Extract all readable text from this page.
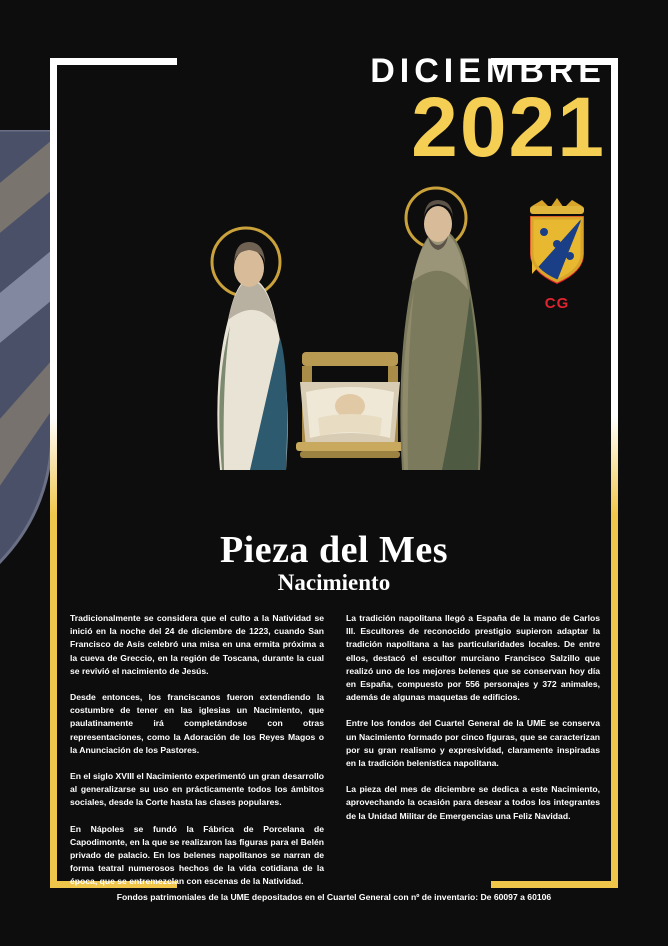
DICIEMBRE
2021
CG
Pieza del Mes
Nacimiento

Tradicionalmente se considera que el culto a la Natividad se inició en la noche del 24 de diciembre de 1223, cuando San Francisco de Asís celebró una misa en una ermita próxima a la cueva de Greccio, en la región de Toscana, durante la cual se revivió el nacimiento de Jesús.

Desde entonces, los franciscanos fueron extendiendo la costumbre de tener en las iglesias un Nacimiento, que paulatinamente irá completándose con otras representaciones, como la Adoración de los Reyes Magos o la Anunciación de los Pastores.

En el siglo XVIII el Nacimiento experimentó un gran desarrollo al generalizarse su uso en prácticamente todos los ámbitos sociales, desde la Corte hasta las clases populares.

En Nápoles se fundó la Fábrica de Porcelana de Capodimonte, en la que se realizaron las figuras para el Belén privado de palacio. En los belenes napolitanos se narran de forma teatral numerosos hechos de la vida cotidiana de la época, que se entremezclan con escenas de la Natividad.

La tradición napolitana llegó a España de la mano de Carlos III. Escultores de reconocido prestigio supieron adaptar la tradición napolitana a las particularidades locales. De entre ellos, destacó el escultor murciano Francisco Salzillo que realizó uno de los mejores belenes que se conservan hoy día en España, compuesto por 556 personajes y 372 animales, además de algunas maquetas de edificios.

Entre los fondos del Cuartel General de la UME se conserva un Nacimiento formado por cinco figuras, que se caracterizan por su gran realismo y expresividad, claramente inspiradas en la tradición belenística napolitana.

La pieza del mes de diciembre se dedica a este Nacimiento, aprovechando la ocasión para desear a todos los integrantes de la Unidad Militar de Emergencias una Feliz Navidad.

Fondos patrimoniales de la UME depositados en el Cuartel General con nº de inventario: De 60097 a 60106
